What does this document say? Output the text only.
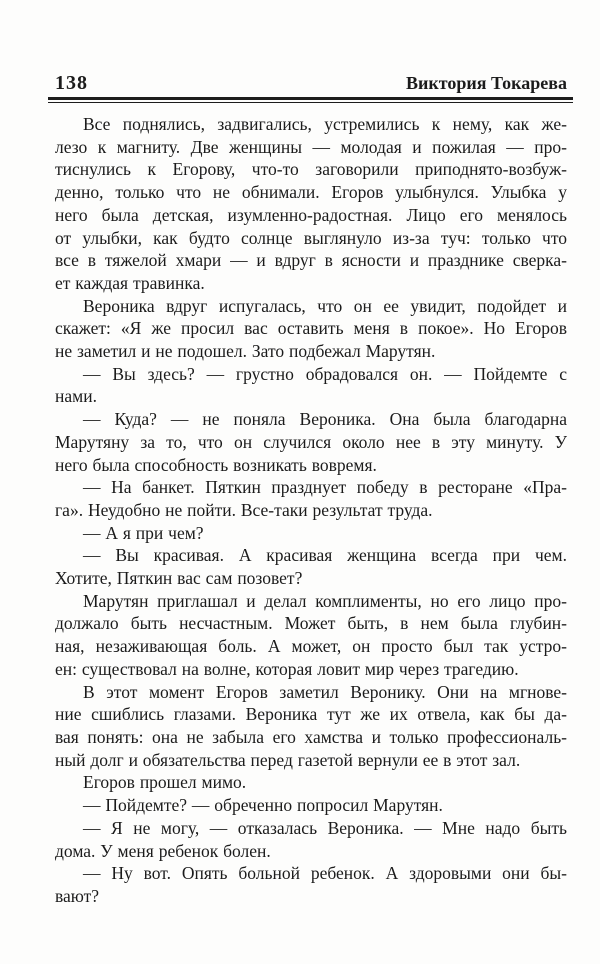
138	Виктория Токарева
Все поднялись, задвигались, устремились к нему, как же-
лезо к магниту. Две женщины — молодая и пожилая — про-
тиснулись к Егорову, что-то заговорили приподнято-возбуж-
денно, только что не обнимали. Егоров улыбнулся. Улыбка у
него была детская, изумленно-радостная. Лицо его менялось
от улыбки, как будто солнце выглянуло из-за туч: только что
все в тяжелой хмари — и вдруг в ясности и празднике сверка-
ет каждая травинка.
Вероника вдруг испугалась, что он ее увидит, подойдет и
скажет: «Я же просил вас оставить меня в покое». Но Егоров
не заметил и не подошел. Зато подбежал Марутян.
— Вы здесь? — грустно обрадовался он. — Пойдемте с
нами.
— Куда? — не поняла Вероника. Она была благодарна
Марутяну за то, что он случился около нее в эту минуту. У
него была способность возникать вовремя.
— На банкет. Пяткин празднует победу в ресторане «Пра-
га». Неудобно не пойти. Все-таки результат труда.
— А я при чем?
— Вы красивая. А красивая женщина всегда при чем.
Хотите, Пяткин вас сам позовет?
Марутян приглашал и делал комплименты, но его лицо про-
должало быть несчастным. Может быть, в нем была глубин-
ная, незаживающая боль. А может, он просто был так устро-
ен: существовал на волне, которая ловит мир через трагедию.
В этот момент Егоров заметил Веронику. Они на мгнове-
ние сшиблись глазами. Вероника тут же их отвела, как бы да-
вая понять: она не забыла его хамства и только профессиональ-
ный долг и обязательства перед газетой вернули ее в этот зал.
Егоров прошел мимо.
— Пойдемте? — обреченно попросил Марутян.
— Я не могу, — отказалась Вероника. — Мне надо быть
дома. У меня ребенок болен.
— Ну вот. Опять больной ребенок. А здоровыми они бы-
вают?
